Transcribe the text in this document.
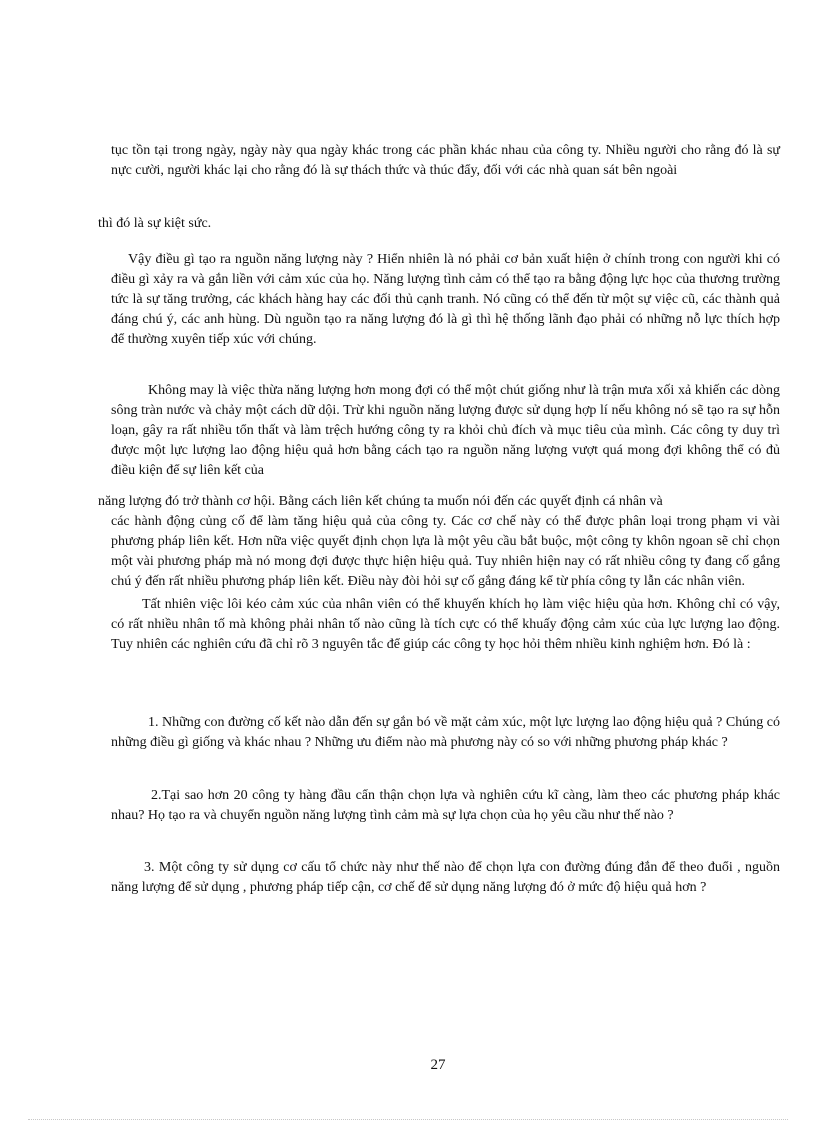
tục tồn tại trong ngày, ngày này qua ngày khác trong các phần khác nhau của công ty. Nhiều người cho rằng đó là sự nực cười, người khác lại cho rằng đó là sự thách thức và thúc đẩy, đối với các nhà quan sát bên ngoài

thì đó là sự kiệt sức.

Vậy điều gì tạo ra nguồn năng lượng này ? Hiển nhiên là nó phải cơ bản xuất hiện ở chính trong con người khi có điều gì xảy ra và gắn liền với cảm xúc của họ. Năng lượng tình cảm có thể tạo ra bằng động lực học của thương trường tức là sự tăng trưởng, các khách hàng hay các đối thủ cạnh tranh. Nó cũng có thể đến từ một sự việc cũ, các thành quả đáng chú ý, các anh hùng. Dù nguồn tạo ra năng lượng đó là gì thì hệ thống lãnh đạo phải có những nỗ lực thích hợp để thường xuyên tiếp xúc với chúng.

Không may là việc thừa năng lượng hơn mong đợi có thể một chút giống như là trận mưa xối xả khiến các dòng sông tràn nước và chảy một cách dữ dội. Trừ khi nguồn năng lượng được sử dụng hợp lí nếu không nó sẽ tạo ra sự hỗn loạn, gây ra rất nhiều tổn thất và làm trệch hướng công ty ra khỏi chủ đích và mục tiêu của mình. Các công ty duy trì được một lực lượng lao động hiệu quả hơn bằng cách tạo ra nguồn năng lượng vượt quá mong đợi không thể có đủ điều kiện để sự liên kết của

năng lượng đó trở thành cơ hội. Bằng cách liên kết chúng ta muốn nói đến các quyết định cá nhân và
các hành động củng cố để làm tăng hiệu quả của công ty. Các cơ chế này có thể được phân loại trong phạm vi vài phương pháp liên kết. Hơn nữa việc quyết định chọn lựa là một yêu cầu bắt buộc, một công ty khôn ngoan sẽ chỉ chọn một vài phương pháp mà nó mong đợi được thực hiện hiệu quả. Tuy nhiên hiện nay có rất nhiều công ty đang cố gắng chú ý đến rất nhiều phương pháp liên kết. Điều này đòi hỏi sự cố gắng đáng kể từ phía công ty lẫn các nhân viên.

Tất nhiên việc lôi kéo cảm xúc của nhân viên có thể khuyến khích họ làm việc hiệu qủa hơn. Không chỉ có vậy, có rất nhiều nhân tố mà không phải nhân tố nào cũng là tích cực có thể khuấy động cảm xúc của lực lượng lao động. Tuy nhiên các nghiên cứu đã chỉ rõ 3 nguyên tắc để giúp các công ty học hỏi thêm nhiều kinh nghiệm hơn. Đó là :

1. Những con đường cố kết nào dẫn đến sự gắn bó về mặt cảm xúc, một lực lượng lao động hiệu quả ? Chúng có những điều gì giống và khác nhau ? Những ưu điểm nào mà phương này có so với những phương pháp khác ?

2.Tại sao hơn 20 công ty hàng đầu cẩn thận chọn lựa và nghiên cứu kĩ càng, làm theo các phương pháp khác nhau? Họ tạo ra và chuyển nguồn năng lượng tình cảm mà sự lựa chọn của họ yêu cầu như thế nào ?

3. Một công ty sử dụng cơ cấu tổ chức này như thế nào để chọn lựa con đường đúng đắn để theo đuổi , nguồn năng lượng để sử dụng , phương pháp tiếp cận, cơ chế để sử dụng năng lượng đó ở mức độ hiệu quả hơn ?

27
